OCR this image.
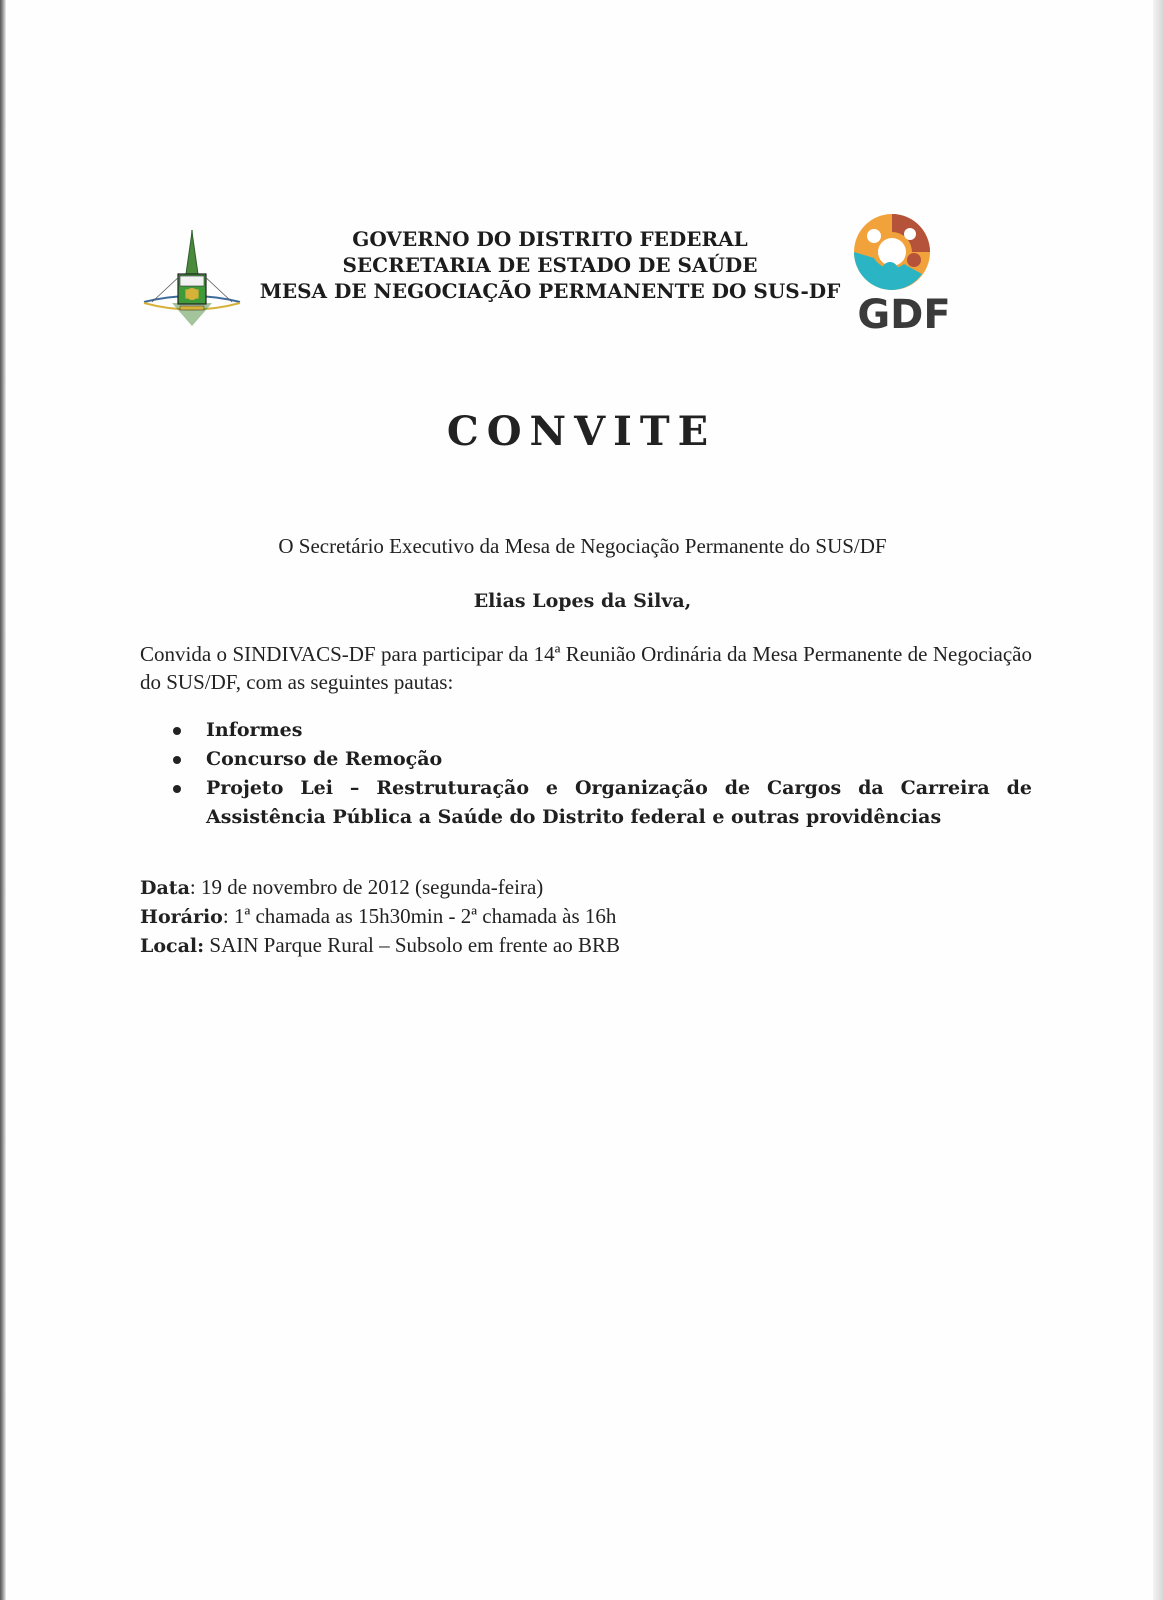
GOVERNO DO DISTRITO FEDERAL
SECRETARIA DE ESTADO DE SAÚDE
MESA DE NEGOCIAÇÃO PERMANENTE DO SUS-DF
GDF
CONVITE
O Secretário Executivo da Mesa de Negociação Permanente do SUS/DF
Elias Lopes da Silva,
Convida o SINDIVACS-DF para participar da 14ª Reunião Ordinária da Mesa Permanente de Negociação do SUS/DF, com as seguintes pautas:
Informes
Concurso de Remoção
Projeto Lei – Restruturação e Organização de Cargos da Carreira de Assistência Pública a Saúde do Distrito federal e outras providências
Data: 19 de novembro de 2012 (segunda-feira)
Horário: 1ª chamada as 15h30min - 2ª chamada às 16h
Local: SAIN Parque Rural – Subsolo em frente ao BRB
